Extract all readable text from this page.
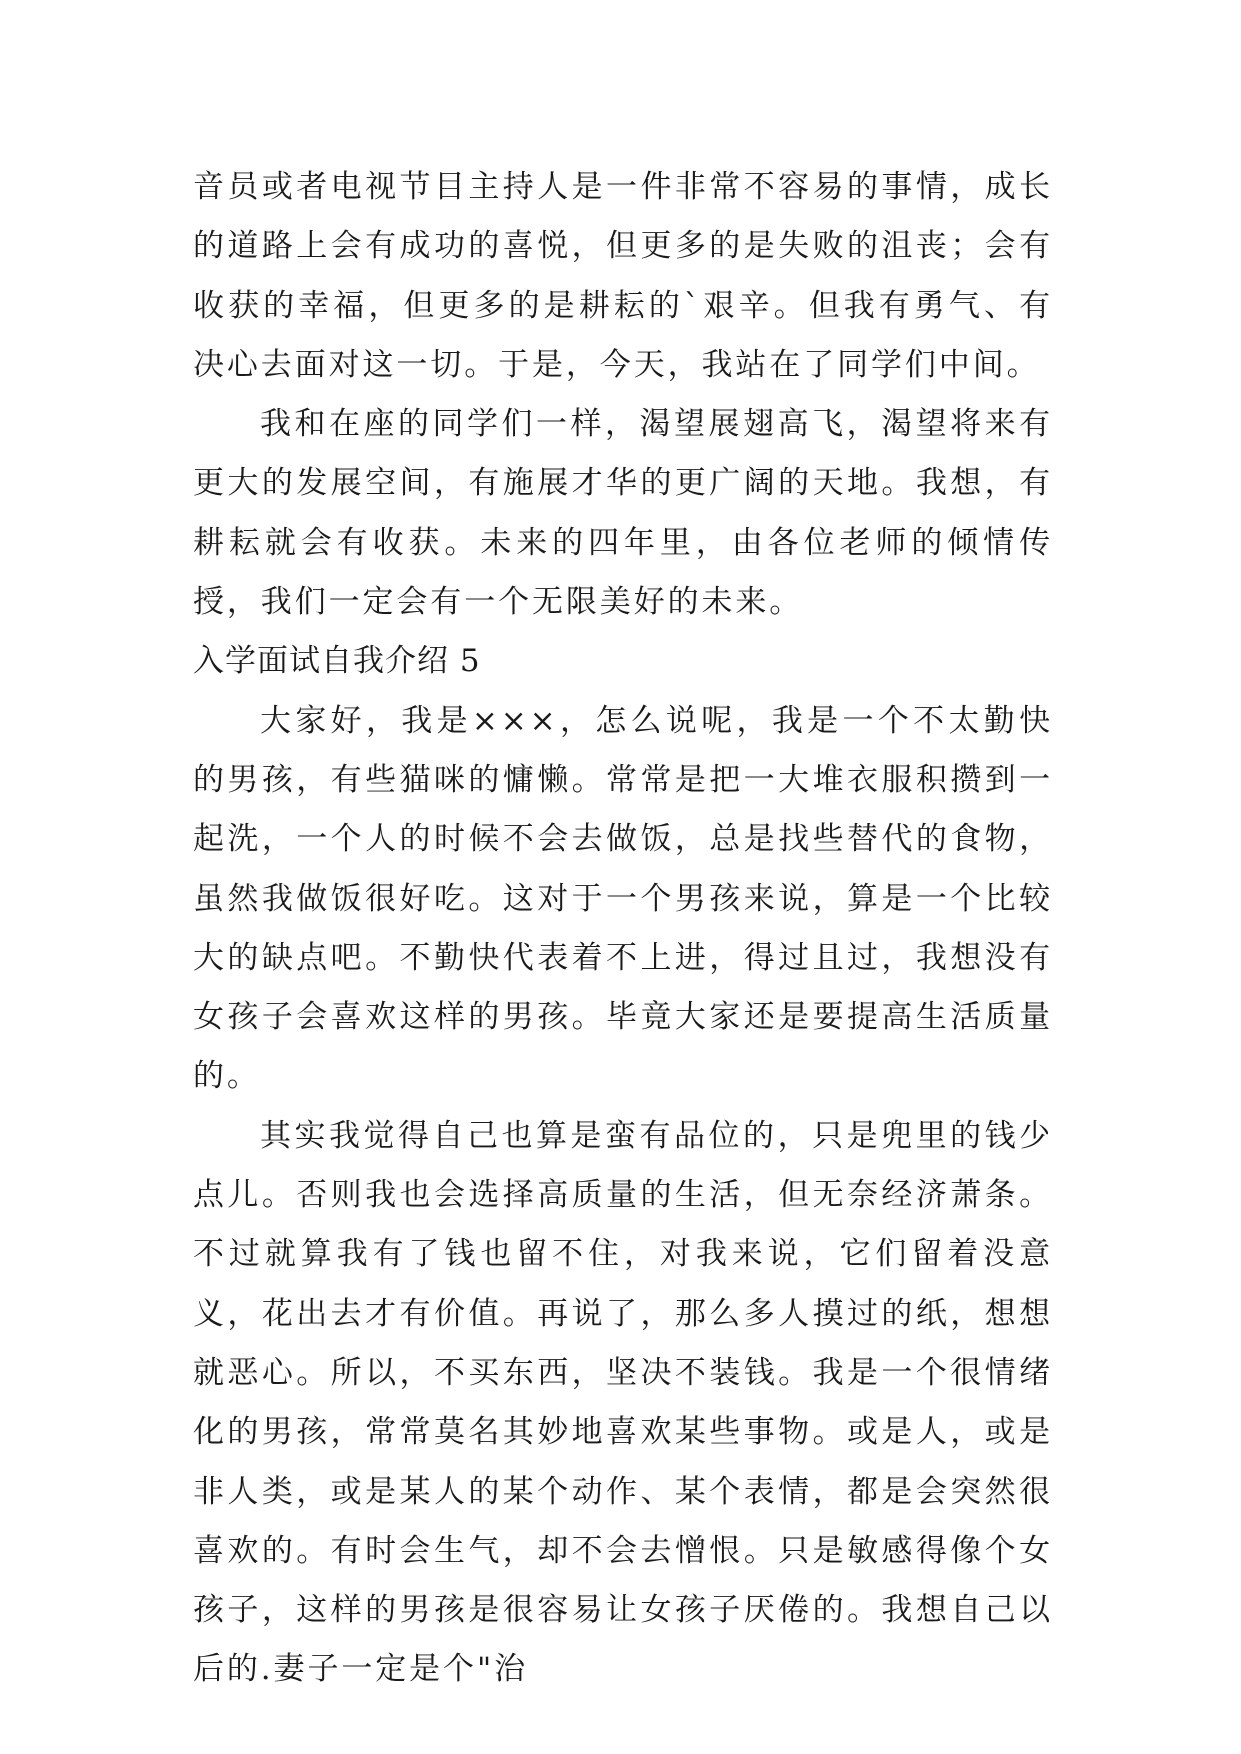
音员或者电视节目主持人是一件非常不容易的事情，成长的道路上会有成功的喜悦，但更多的是失败的沮丧；会有收获的幸福，但更多的是耕耘的`艰辛。但我有勇气、有决心去面对这一切。于是，今天，我站在了同学们中间。

我和在座的同学们一样，渴望展翅高飞，渴望将来有更大的发展空间，有施展才华的更广阔的天地。我想，有耕耘就会有收获。未来的四年里，由各位老师的倾情传授，我们一定会有一个无限美好的未来。

入学面试自我介绍 5

大家好，我是×××，怎么说呢，我是一个不太勤快的男孩，有些猫咪的慵懒。常常是把一大堆衣服积攒到一起洗，一个人的时候不会去做饭，总是找些替代的食物，虽然我做饭很好吃。这对于一个男孩来说，算是一个比较大的缺点吧。不勤快代表着不上进，得过且过，我想没有女孩子会喜欢这样的男孩。毕竟大家还是要提高生活质量的。

其实我觉得自己也算是蛮有品位的，只是兜里的钱少点儿。否则我也会选择高质量的生活，但无奈经济萧条。不过就算我有了钱也留不住，对我来说，它们留着没意义，花出去才有价值。再说了，那么多人摸过的纸，想想就恶心。所以，不买东西，坚决不装钱。我是一个很情绪化的男孩，常常莫名其妙地喜欢某些事物。或是人，或是非人类，或是某人的某个动作、某个表情，都是会突然很喜欢的。有时会生气，却不会去憎恨。只是敏感得像个女孩子，这样的男孩是很容易让女孩子厌倦的。我想自己以后的.妻子一定是个"治
